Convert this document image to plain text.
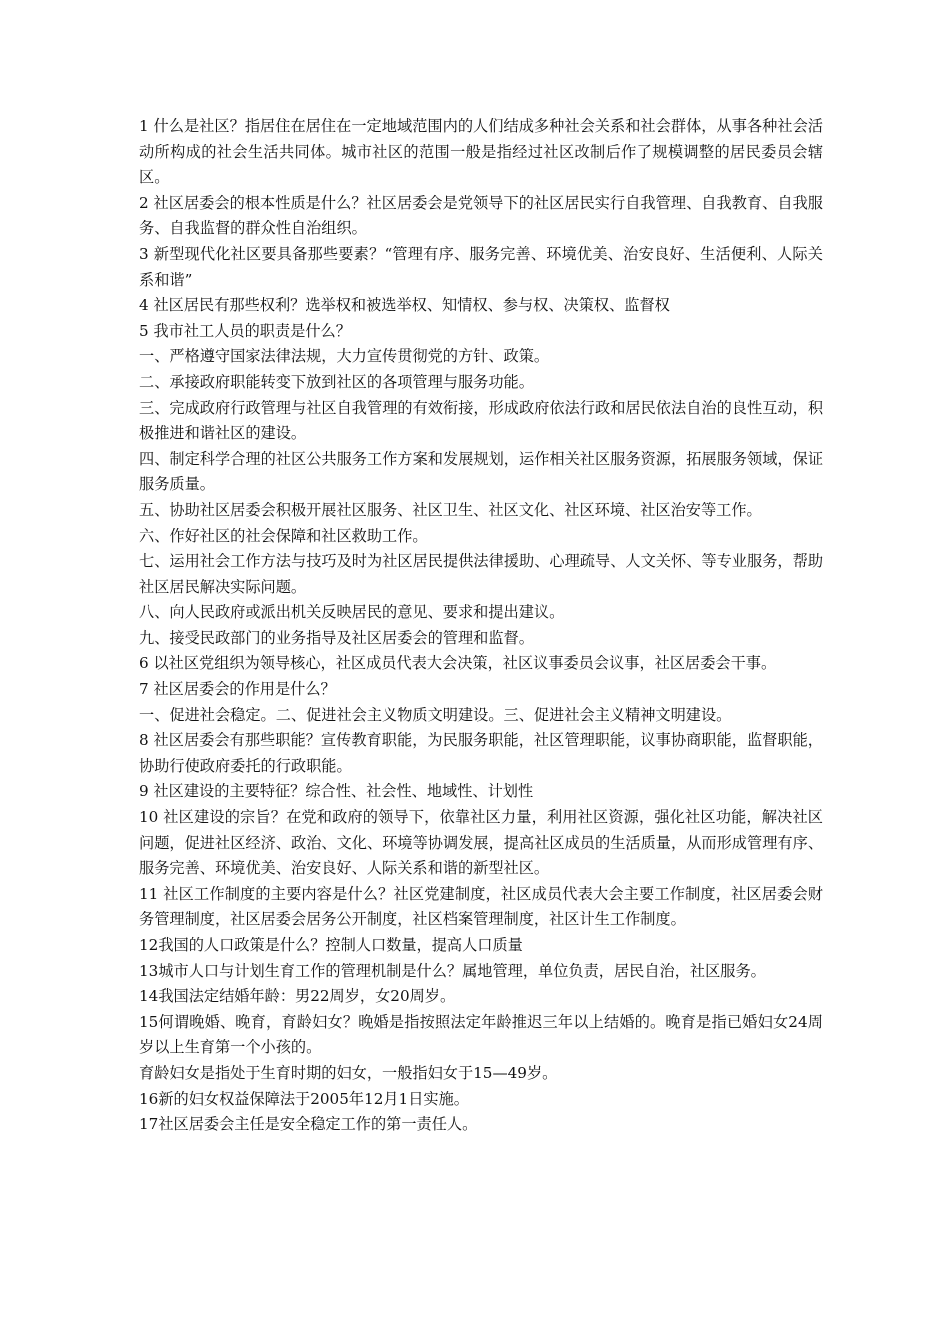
1 什么是社区？指居住在居住在一定地域范围内的人们结成多种社会关系和社会群体，从事各种社会活动所构成的社会生活共同体。城市社区的范围一般是指经过社区改制后作了规模调整的居民委员会辖区。

2 社区居委会的根本性质是什么？社区居委会是党领导下的社区居民实行自我管理、自我教育、自我服务、自我监督的群众性自治组织。

3 新型现代化社区要具备那些要素？“管理有序、服务完善、环境优美、治安良好、生活便利、人际关系和谐”

4 社区居民有那些权利？选举权和被选举权、知情权、参与权、决策权、监督权

5 我市社工人员的职责是什么？

一、严格遵守国家法律法规，大力宣传贯彻党的方针、政策。

二、承接政府职能转变下放到社区的各项管理与服务功能。

三、完成政府行政管理与社区自我管理的有效衔接，形成政府依法行政和居民依法自治的良性互动，积极推进和谐社区的建设。

四、制定科学合理的社区公共服务工作方案和发展规划，运作相关社区服务资源，拓展服务领域，保证服务质量。

五、协助社区居委会积极开展社区服务、社区卫生、社区文化、社区环境、社区治安等工作。

六、作好社区的社会保障和社区救助工作。

七、运用社会工作方法与技巧及时为社区居民提供法律援助、心理疏导、人文关怀、等专业服务，帮助社区居民解决实际问题。

八、向人民政府或派出机关反映居民的意见、要求和提出建议。

九、接受民政部门的业务指导及社区居委会的管理和监督。

6 以社区党组织为领导核心，社区成员代表大会决策，社区议事委员会议事，社区居委会干事。

7 社区居委会的作用是什么？

一、促进社会稳定。二、促进社会主义物质文明建设。三、促进社会主义精神文明建设。

8 社区居委会有那些职能？宣传教育职能，为民服务职能，社区管理职能，议事协商职能，监督职能，协助行使政府委托的行政职能。

9 社区建设的主要特征？综合性、社会性、地域性、计划性

10 社区建设的宗旨？在党和政府的领导下，依靠社区力量，利用社区资源，强化社区功能，解决社区问题，促进社区经济、政治、文化、环境等协调发展，提高社区成员的生活质量，从而形成管理有序、服务完善、环境优美、治安良好、人际关系和谐的新型社区。

11 社区工作制度的主要内容是什么？社区党建制度，社区成员代表大会主要工作制度，社区居委会财务管理制度，社区居委会居务公开制度，社区档案管理制度，社区计生工作制度。

12我国的人口政策是什么？控制人口数量，提高人口质量

13城市人口与计划生育工作的管理机制是什么？属地管理，单位负责，居民自治，社区服务。

14我国法定结婚年龄：男22周岁，女20周岁。

15何谓晚婚、晚育，育龄妇女？晚婚是指按照法定年龄推迟三年以上结婚的。晚育是指已婚妇女24周岁以上生育第一个小孩的。

育龄妇女是指处于生育时期的妇女，一般指妇女于15—49岁。

16新的妇女权益保障法于2005年12月1日实施。

17社区居委会主任是安全稳定工作的第一责任人。
